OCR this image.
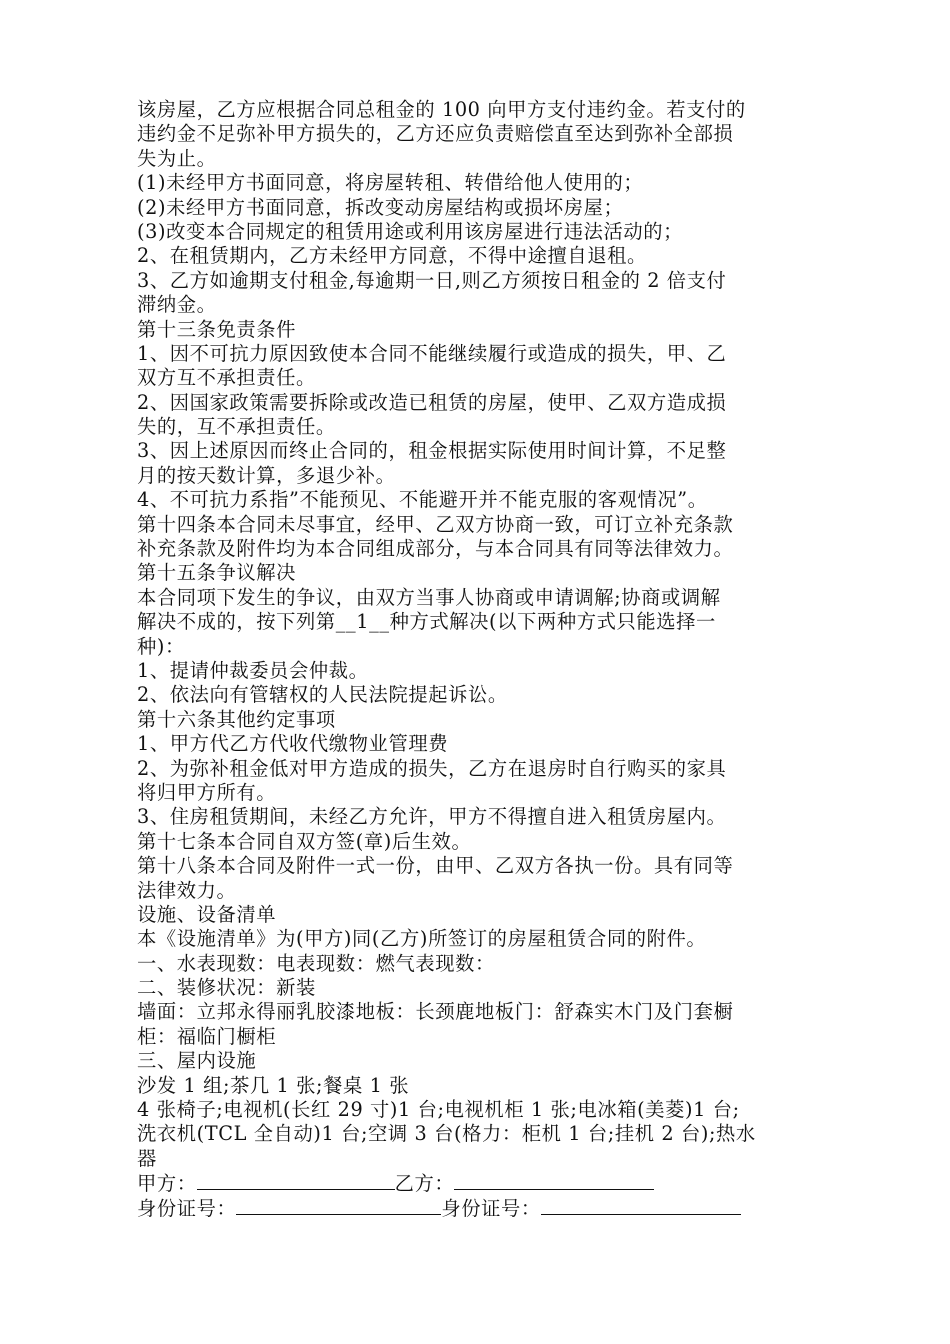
该房屋，乙方应根据合同总租金的 100 向甲方支付违约金。若支付的
违约金不足弥补甲方损失的，乙方还应负责赔偿直至达到弥补全部损
失为止。
(1)未经甲方书面同意，将房屋转租、转借给他人使用的；
(2)未经甲方书面同意，拆改变动房屋结构或损坏房屋；
(3)改变本合同规定的租赁用途或利用该房屋进行违法活动的；
2、在租赁期内，乙方未经甲方同意，不得中途擅自退租。
3、乙方如逾期支付租金,每逾期一日,则乙方须按日租金的 2 倍支付
滞纳金。
第十三条免责条件
1、因不可抗力原因致使本合同不能继续履行或造成的损失，甲、乙
双方互不承担责任。
2、因国家政策需要拆除或改造已租赁的房屋，使甲、乙双方造成损
失的，互不承担责任。
3、因上述原因而终止合同的，租金根据实际使用时间计算，不足整
月的按天数计算，多退少补。
4、不可抗力系指”不能预见、不能避开并不能克服的客观情况”。
第十四条本合同未尽事宜，经甲、乙双方协商一致，可订立补充条款
补充条款及附件均为本合同组成部分，与本合同具有同等法律效力。
第十五条争议解决
本合同项下发生的争议，由双方当事人协商或申请调解;协商或调解
解决不成的，按下列第__1__种方式解决(以下两种方式只能选择一
种)：
1、提请仲裁委员会仲裁。
2、依法向有管辖权的人民法院提起诉讼。
第十六条其他约定事项
1、甲方代乙方代收代缴物业管理费
2、为弥补租金低对甲方造成的损失，乙方在退房时自行购买的家具
将归甲方所有。
3、住房租赁期间，未经乙方允许，甲方不得擅自进入租赁房屋内。
第十七条本合同自双方签(章)后生效。
第十八条本合同及附件一式一份，由甲、乙双方各执一份。具有同等
法律效力。
设施、设备清单
本《设施清单》为(甲方)同(乙方)所签订的房屋租赁合同的附件。
一、水表现数：电表现数：燃气表现数：
二、装修状况：新装
墙面：立邦永得丽乳胶漆地板：长颈鹿地板门：舒森实木门及门套橱
柜：福临门橱柜
三、屋内设施
沙发 1 组;茶几 1 张;餐桌 1 张
4 张椅子;电视机(长红 29 寸)1 台;电视机柜 1 张;电冰箱(美菱)1 台;
洗衣机(TCL 全自动)1 台;空调 3 台(格力：柜机 1 台;挂机 2 台);热水
器
甲方：	乙方：
身份证号：	身份证号：
